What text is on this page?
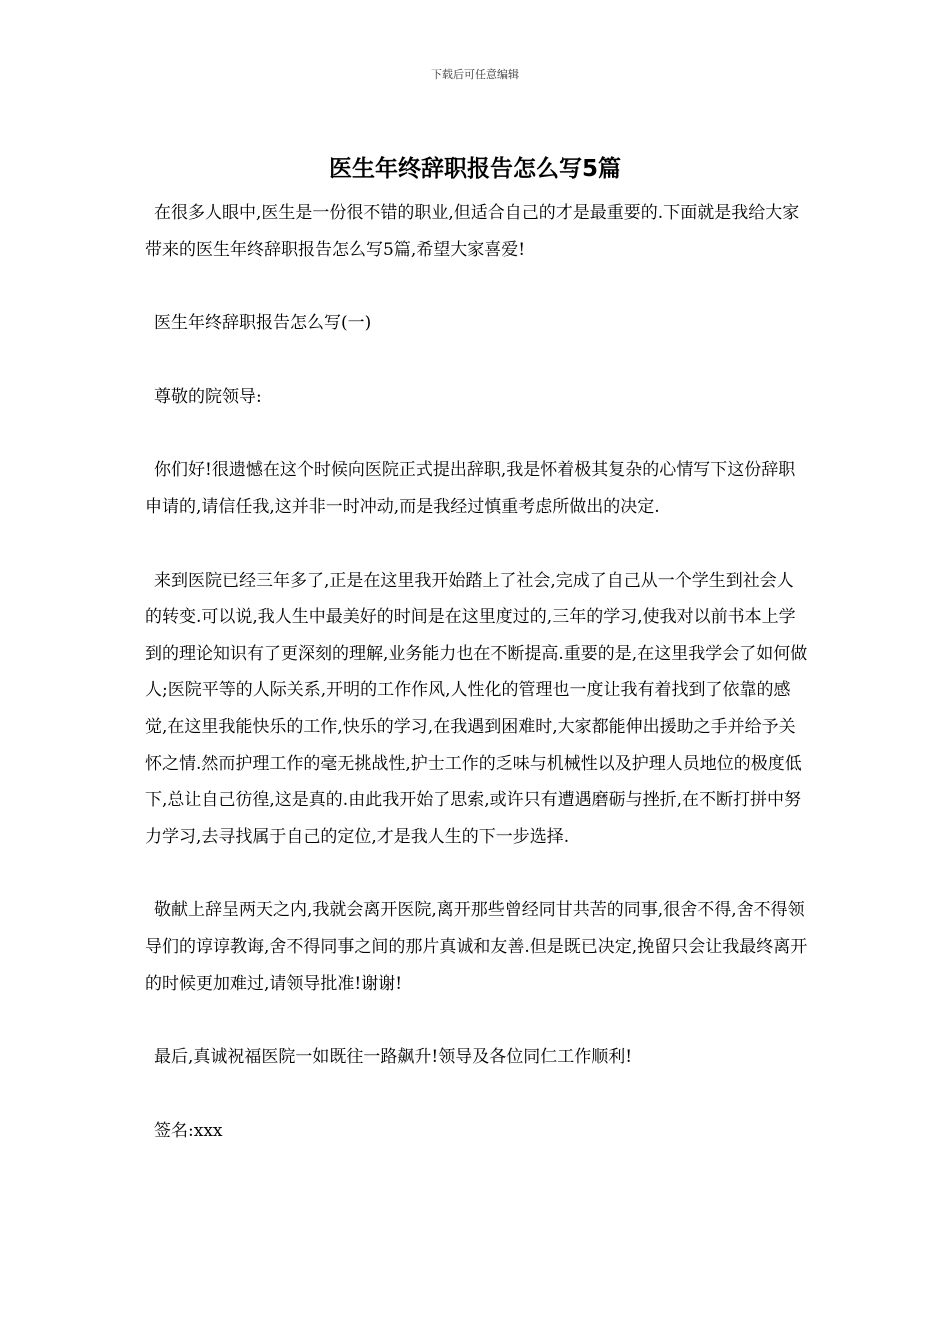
下载后可任意编辑
医生年终辞职报告怎么写5篇

在很多人眼中,医生是一份很不错的职业,但适合自己的才是最重要的.下面就是我给大家带来的医生年终辞职报告怎么写5篇,希望大家喜爱!

医生年终辞职报告怎么写(一)

尊敬的院领导:

你们好!很遗憾在这个时候向医院正式提出辞职,我是怀着极其复杂的心情写下这份辞职申请的,请信任我,这并非一时冲动,而是我经过慎重考虑所做出的决定.

来到医院已经三年多了,正是在这里我开始踏上了社会,完成了自己从一个学生到社会人的转变.可以说,我人生中最美好的时间是在这里度过的,三年的学习,使我对以前书本上学到的理论知识有了更深刻的理解,业务能力也在不断提高.重要的是,在这里我学会了如何做人;医院平等的人际关系,开明的工作作风,人性化的管理也一度让我有着找到了依靠的感觉,在这里我能快乐的工作,快乐的学习,在我遇到困难时,大家都能伸出援助之手并给予关怀之情.然而护理工作的毫无挑战性,护士工作的乏味与机械性以及护理人员地位的极度低下,总让自己彷徨,这是真的.由此我开始了思索,或许只有遭遇磨砺与挫折,在不断打拼中努力学习,去寻找属于自己的定位,才是我人生的下一步选择.

敬献上辞呈两天之内,我就会离开医院,离开那些曾经同甘共苦的同事,很舍不得,舍不得领导们的谆谆教诲,舍不得同事之间的那片真诚和友善.但是既已决定,挽留只会让我最终离开的时候更加难过,请领导批准!谢谢!

最后,真诚祝福医院一如既往一路飙升!领导及各位同仁工作顺利!

签名:xxx
